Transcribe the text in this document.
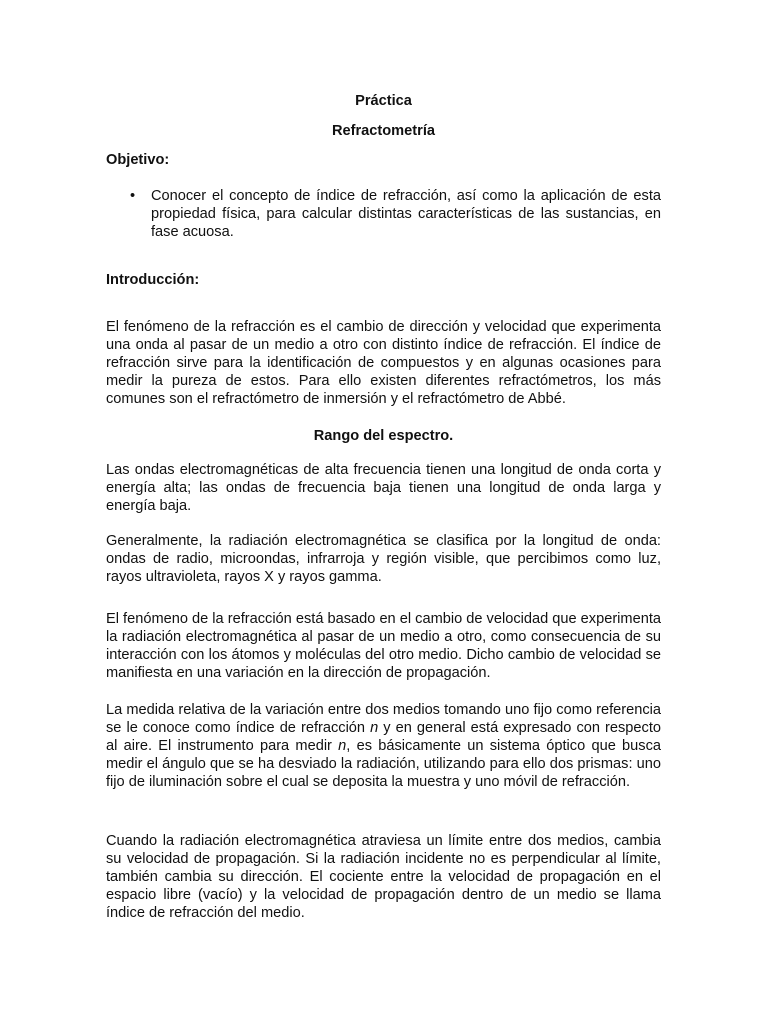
Práctica
Refractometría
Objetivo:
• Conocer el concepto de índice de refracción, así como la aplicación de esta propiedad física, para calcular distintas características de las sustancias, en fase acuosa.
Introducción:

El fenómeno de la refracción es el cambio de dirección y velocidad que experimenta una onda al pasar de un medio a otro con distinto índice de refracción. El índice de refracción sirve para la identificación de compuestos y en algunas ocasiones para medir la pureza de estos. Para ello existen diferentes refractómetros, los más comunes son el refractómetro de inmersión y el refractómetro de Abbé.

Rango del espectro.

Las ondas electromagnéticas de alta frecuencia tienen una longitud de onda corta y energía alta; las ondas de frecuencia baja tienen una longitud de onda larga y energía baja.

Generalmente, la radiación electromagnética se clasifica por la longitud de onda: ondas de radio, microondas, infrarroja y región visible, que percibimos como luz, rayos ultravioleta, rayos X y rayos gamma.

El fenómeno de la refracción está basado en el cambio de velocidad que experimenta la radiación electromagnética al pasar de un medio a otro, como consecuencia de su interacción con los átomos y moléculas del otro medio. Dicho cambio de velocidad se manifiesta en una variación en la dirección de propagación.

La medida relativa de la variación entre dos medios tomando uno fijo como referencia se le conoce como índice de refracción n y en general está expresado con respecto al aire. El instrumento para medir n, es básicamente un sistema óptico que busca medir el ángulo que se ha desviado la radiación, utilizando para ello dos prismas: uno fijo de iluminación sobre el cual se deposita la muestra y uno móvil de refracción.

Cuando la radiación electromagnética atraviesa un límite entre dos medios, cambia su velocidad de propagación. Si la radiación incidente no es perpendicular al límite, también cambia su dirección. El cociente entre la velocidad de propagación en el espacio libre (vacío) y la velocidad de propagación dentro de un medio se llama índice de refracción del medio.
